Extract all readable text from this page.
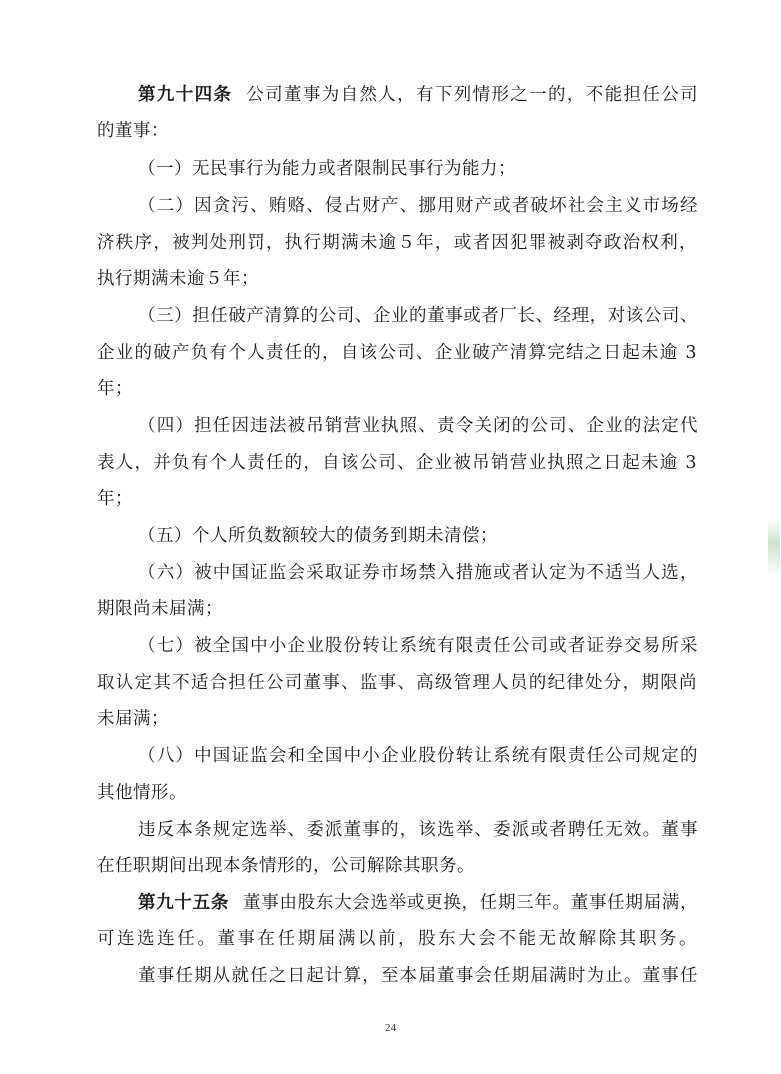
第九十四条 公司董事为自然人，有下列情形之一的，不能担任公司
的董事：
（一）无民事行为能力或者限制民事行为能力；
（二）因贪污、贿赂、侵占财产、挪用财产或者破坏社会主义市场经
济秩序，被判处刑罚，执行期满未逾５年，或者因犯罪被剥夺政治权利，
执行期满未逾５年；
（三）担任破产清算的公司、企业的董事或者厂长、经理，对该公司、
企业的破产负有个人责任的，自该公司、企业破产清算完结之日起未逾 3
年；
（四）担任因违法被吊销营业执照、责令关闭的公司、企业的法定代
表人，并负有个人责任的，自该公司、企业被吊销营业执照之日起未逾 3
年；
（五）个人所负数额较大的债务到期未清偿；
（六）被中国证监会采取证券市场禁入措施或者认定为不适当人选，
期限尚未届满；
（七）被全国中小企业股份转让系统有限责任公司或者证券交易所采
取认定其不适合担任公司董事、监事、高级管理人员的纪律处分，期限尚
未届满；
（八）中国证监会和全国中小企业股份转让系统有限责任公司规定的
其他情形。
违反本条规定选举、委派董事的，该选举、委派或者聘任无效。董事
在任职期间出现本条情形的，公司解除其职务。
第九十五条 董事由股东大会选举或更换，任期三年。董事任期届满，
可连选连任。董事在任期届满以前，股东大会不能无故解除其职务。
董事任期从就任之日起计算，至本届董事会任期届满时为止。董事任
24
